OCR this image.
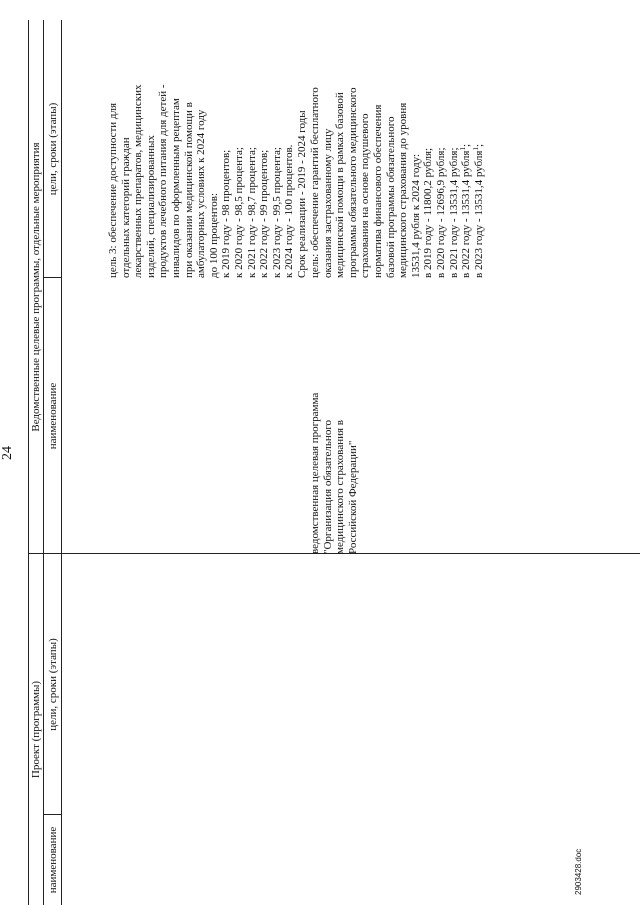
24
Проект (программы)
Ведомственные целевые программы, отдельные мероприятия
наименование
цели, сроки (этапы)
наименование
цели, сроки (этапы)	цель 3: обеспечение доступности для отдельных категорий граждан лекарственных препаратов, медицинских изделий, специализированных продуктов лечебного питания для детей - инвалидов по оформленным рецептам при оказании медицинской помощи в амбулаторных условиях к 2024 году до 100 процентов: к 2019 году - 98 процентов; к 2020 году - 98,5 процента; к 2021 году - 98,7 процента; к 2022 году - 99 процентов; к 2023 году - 99,5 процента; к 2024 году - 100 процентов. Срок реализации - 2019 - 2024 годы
ведомственная целевая программа "Организация обязательного медицинского страхования в Российской Федерации"
цель: обеспечение гарантий бесплатного оказания застрахованному лицу медицинской помощи в рамках базовой программы обязательного медицинского страхования на основе подушевого норматива финансового обеспечения базовой программы обязательного медицинского страхования до уровня 13531,4 рубля к 2024 году: в 2019 году - 11800,2 рубля; в 2020 году - 12696,9 рубля; в 2021 году - 13531,4 рубля; в 2022 году - 13531,4 рубля$^1$;
в 2023 году - 13531,4 рубля$^1$;
2903428.doc
